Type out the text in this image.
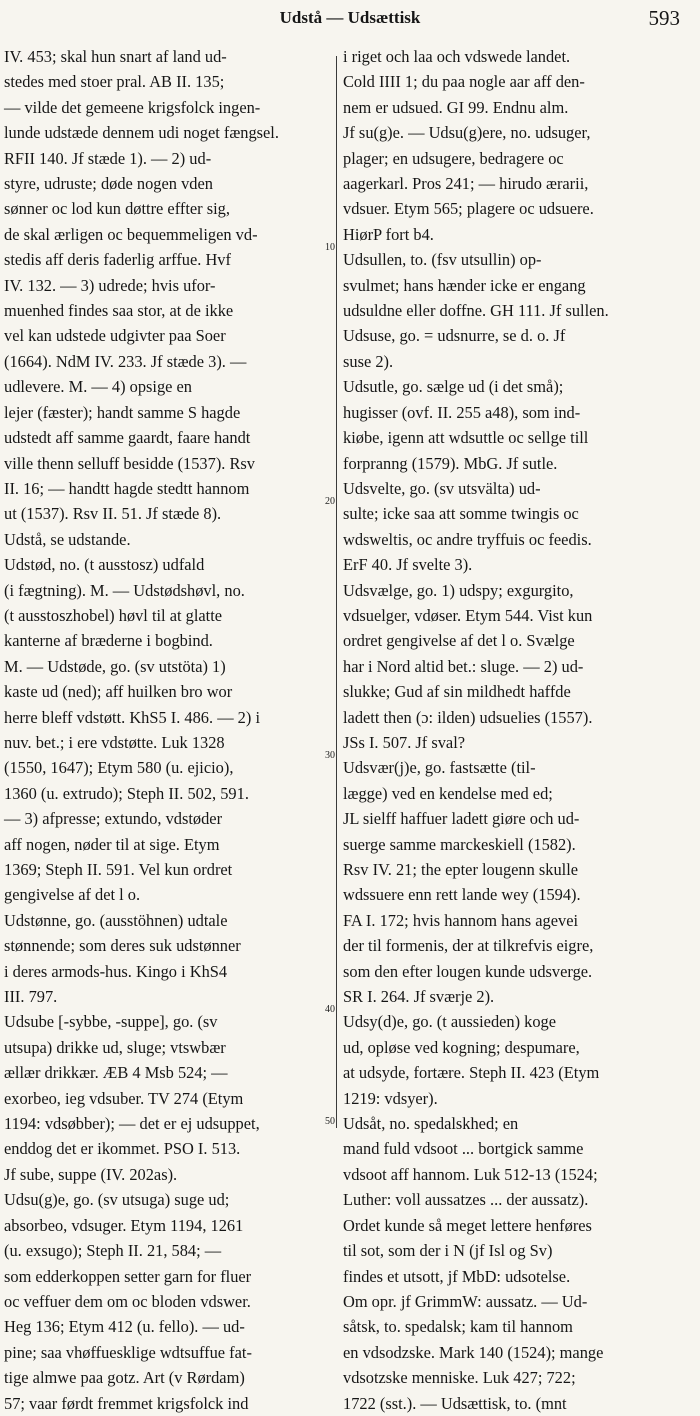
Udstå — Udsættisk	593
IV. 453; skal hun snart af land ud-
stedes med stoer pral. AB II. 135;
— vilde det gemeene krigsfolck ingen-
lunde udstæde dennem udi noget fængsel.
RFII 140. Jf stæde 1). — 2) ud-
styre, udruste; døde nogen vden
sønner oc lod kun døttre effter sig,
de skal ærligen oc bequemmeligen vd-
stedis aff deris faderlig arffue. Hvf
IV. 132. — 3) udrede; hvis ufor-
muenhed findes saa stor, at de ikke
vel kan udstede udgivter paa Soer
(1664). NdM IV. 233. Jf stæde 3). —
udlevere. M. — 4) opsige en
lejer (fæster); handt samme S hagde
udstedt aff samme gaardt, faare handt
ville thenn selluff besidde (1537). Rsv
II. 16; — handtt hagde stedtt hannom
ut (1537). Rsv II. 51. Jf stæde 8).
Udstå, se udstande.
Udstød, no. (t ausstosz) udfald
(i fægtning). M. — Udstødshøvl, no.
(t ausstoszhobel) høvl til at glatte
kanterne af bræderne i bogbind.
M. — Udstøde, go. (sv utstöta) 1)
kaste ud (ned); aff huilken bro wor
herre bleff vdstøtt. KhS5 I. 486. — 2) i
nuv. bet.; i ere vdstøtte. Luk 1328
(1550, 1647); Etym 580 (u. ejicio),
1360 (u. extrudo); Steph II. 502, 591.
— 3) afpresse; extundo, vdstøder
aff nogen, nøder til at sige. Etym
1369; Steph II. 591. Vel kun ordret
gengivelse af det l o.
Udstønne, go. (ausstöhnen) udtale
stønnende; som deres suk udstønner
i deres armods-hus. Kingo i KhS4
III. 797.
Udsube [-sybbe, -suppe], go. (sv
utsupa) drikke ud, sluge; vtswbær
ællær drikkær. ÆB 4 Msb 524; —
exorbeo, ieg vdsuber. TV 274 (Etym
1194: vdsøbber); — det er ej udsuppet,
enddog det er ikommet. PSO I. 513.
Jf sube, suppe (IV. 202as).
Udsu(g)e, go. (sv utsuga) suge ud;
absorbeo, vdsuger. Etym 1194, 1261
(u. exsugo); Steph II. 21, 584; —
som edderkoppen setter garn for fluer
oc veffuer dem om oc bloden vdswer.
Heg 136; Etym 412 (u. fello). — ud-
pine; saa vhøffuesklige wdtsuffue fat-
tige almwe paa gotz. Art (v Rørdam)
57; vaar førdt fremmet krigsfolck ind
10
20
30
40
50
i riget och laa och vdswede landet.
Cold IIII 1; du paa nogle aar aff den-
nem er udsued. GI 99. Endnu alm.
Jf su(g)e. — Udsu(g)ere, no. udsuger,
plager; en udsugere, bedragere oc
aagerkarl. Pros 241; — hirudo ærarii,
vdsuer. Etym 565; plagere oc udsuere.
HiørP fort b4.
Udsullen, to. (fsv utsullin) op-
svulmet; hans hænder icke er engang
udsuldne eller doffne. GH 111. Jf sullen.
Udsuse, go. = udsnurre, se d. o. Jf
suse 2).
Udsutle, go. sælge ud (i det små);
hugisser (ovf. II. 255 a48), som ind-
kiøbe, igenn att wdsuttle oc sellge till
forpranng (1579). MbG. Jf sutle.
Udsvelte, go. (sv utsvälta) ud-
sulte; icke saa att somme twingis oc
wdsweltis, oc andre tryffuis oc feedis.
ErF 40. Jf svelte 3).
Udsvælge, go. 1) udspy; exgurgito,
vdsuelger, vdøser. Etym 544. Vist kun
ordret gengivelse af det l o. Svælge
har i Nord altid bet.: sluge. — 2) ud-
slukke; Gud af sin mildhedt haffde
ladett then (ɔ: ilden) udsuelies (1557).
JSs I. 507. Jf sval?
Udsvær(j)e, go. fastsætte (til-
lægge) ved en kendelse med ed;
JL sielff haffuer ladett giøre och ud-
suerge samme marckeskiell (1582).
Rsv IV. 21; the epter lougenn skulle
wdssuere enn rett lande wey (1594).
FA I. 172; hvis hannom hans agevei
der til formenis, der at tilkrefvis eigre,
som den efter lougen kunde udsverge.
SR I. 264. Jf sværje 2).
Udsy(d)e, go. (t aussieden) koge
ud, opløse ved kogning; despumare,
at udsyde, fortære. Steph II. 423 (Etym
1219: vdsyer).
Udsåt, no. spedalskhed; en
mand fuld vdsoot ... bortgick samme
vdsoot aff hannom. Luk 512-13 (1524;
Luther: voll aussatzes ... der aussatz).
Ordet kunde så meget lettere henføres
til sot, som der i N (jf Isl og Sv)
findes et utsott, jf MbD: udsotelse.
Om opr. jf GrimmW: aussatz. — Ud-
såtsk, to. spedalsk; kam til hannom
en vdsodzske. Mark 140 (1524); mange
vdsotzske menniske. Luk 427; 722;
1722 (sst.). — Udsættisk, to. (mnt
